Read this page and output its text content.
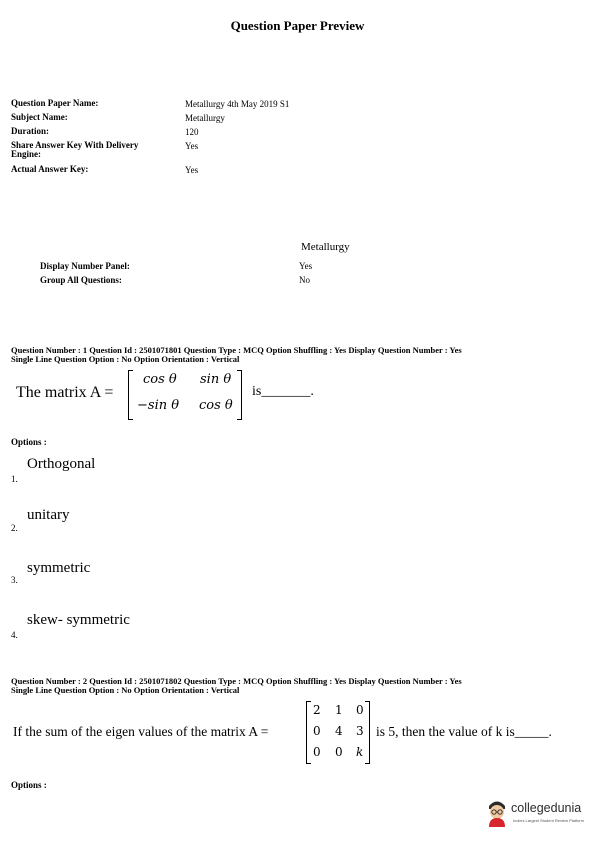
Question Paper Preview
Question Paper Name:	Metallurgy 4th May 2019 S1
Subject Name:	Metallurgy
Duration:	120
Share Answer Key With Delivery Engine:
Yes
Actual Answer Key:	Yes
Metallurgy
Display Number Panel:	Yes
Group All Questions:	No
Question Number : 1 Question Id : 2501071801 Question Type : MCQ Option Shuffling : Yes Display Question Number : Yes
Single Line Question Option : No Option Orientation : Vertical
The matrix A =
cos θ sin θ
−sin θ cos θ
is_______.
Options :
Orthogonal
1.
unitary
2.
symmetric
3.
skew- symmetric
4.
Question Number : 2 Question Id : 2501071802 Question Type : MCQ Option Shuffling : Yes Display Question Number : Yes
Single Line Question Option : No Option Orientation : Vertical
If the sum of the eigen values of the matrix A =
2 1 0
0 4 3
0 0 k
is 5, then the value of k is_____.
Options :
collegedunia
India's Largest Student Review Platform
